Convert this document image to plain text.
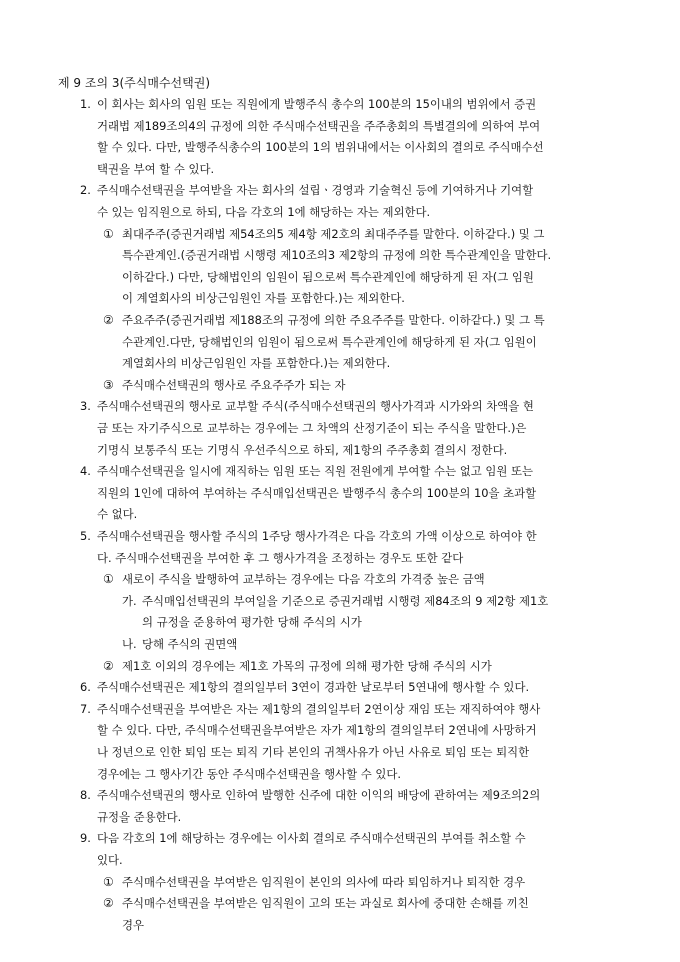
제 9 조의 3(주식매수선택권)
1. 이 회사는 회사의 임원 또는 직원에게 발행주식 총수의 100분의 15이내의 범위에서 증권
거래법 제189조의4의 규정에 의한 주식매수선택권을 주주총회의 특별결의에 의하여 부여
할 수 있다. 다만, 발행주식총수의 100분의 1의 범위내에서는 이사회의 결의로 주식매수선
택권을 부여 할 수 있다.
2. 주식매수선택권을 부여받을 자는 회사의 설립ㆍ경영과 기술혁신 등에 기여하거나 기여할
수 있는 임직원으로 하되, 다음 각호의 1에 해당하는 자는 제외한다.
① 최대주주(증권거래법 제54조의5 제4항 제2호의 최대주주를 말한다. 이하같다.) 및 그
특수관계인.(증권거래법 시행령 제10조의3 제2항의 규정에 의한 특수관계인을 말한다.
이하같다.) 다만, 당해법인의 임원이 됨으로써 특수관계인에 해당하게 된 자(그 임원
이 계열회사의 비상근임원인 자를 포함한다.)는 제외한다.
② 주요주주(증권거래법 제188조의 규정에 의한 주요주주를 말한다. 이하같다.) 및 그 특
수관계인.다만, 당해법인의 임원이 됨으로써 특수관계인에 해당하게 된 자(그 임원이
계열회사의 비상근임원인 자를 포함한다.)는 제외한다.
③ 주식매수선택권의 행사로 주요주주가 되는 자
3. 주식매수선택권의 행사로 교부할 주식(주식매수선택권의 행사가격과 시가와의 차액을 현
금 또는 자기주식으로 교부하는 경우에는 그 차액의 산정기준이 되는 주식을 말한다.)은
기명식 보통주식 또는 기명식 우선주식으로 하되, 제1항의 주주총회 결의시 정한다.
4. 주식매수선택권을 일시에 재직하는 임원 또는 직원 전원에게 부여할 수는 없고 임원 또는
직원의 1인에 대하여 부여하는 주식매입선택권은 발행주식 총수의 100분의 10을 초과할
수 없다.
5. 주식매수선택권을 행사할 주식의 1주당 행사가격은 다음 각호의 가액 이상으로 하여야 한
다. 주식매수선택권을 부여한 후 그 행사가격을 조정하는 경우도 또한 같다
① 새로이 주식을 발행하여 교부하는 경우에는 다음 각호의 가격중 높은 금액
가. 주식매입선택권의 부여일을 기준으로 증권거래법 시행령 제84조의 9 제2항 제1호
의 규정을 준용하여 평가한 당해 주식의 시가
나. 당해 주식의 권면액
② 제1호 이외의 경우에는 제1호 가목의 규정에 의해 평가한 당해 주식의 시가
6. 주식매수선택권은 제1항의 결의일부터 3연이 경과한 날로부터 5연내에 행사할 수 있다.
7. 주식매수선택권을 부여받은 자는 제1항의 결의일부터 2연이상 재임 또는 재직하여야 행사
할 수 있다. 다만, 주식매수선택권을부여받은 자가 제1항의 결의일부터 2연내에 사망하거
나 정년으로 인한 퇴임 또는 퇴직 기타 본인의 귀책사유가 아닌 사유로 퇴임 또는 퇴직한
경우에는 그 행사기간 동안 주식매수선택권을 행사할 수 있다.
8. 주식매수선택권의 행사로 인하여 발행한 신주에 대한 이익의 배당에 관하여는 제9조의2의
규정을 준용한다.
9. 다음 각호의 1에 해당하는 경우에는 이사회 결의로 주식매수선택권의 부여를 취소할 수
있다.
① 주식매수선택권을 부여받은 임직원이 본인의 의사에 따라 퇴임하거나 퇴직한 경우
② 주식매수선택권을 부여받은 임직원이 고의 또는 과실로 회사에 중대한 손해를 끼친
경우
